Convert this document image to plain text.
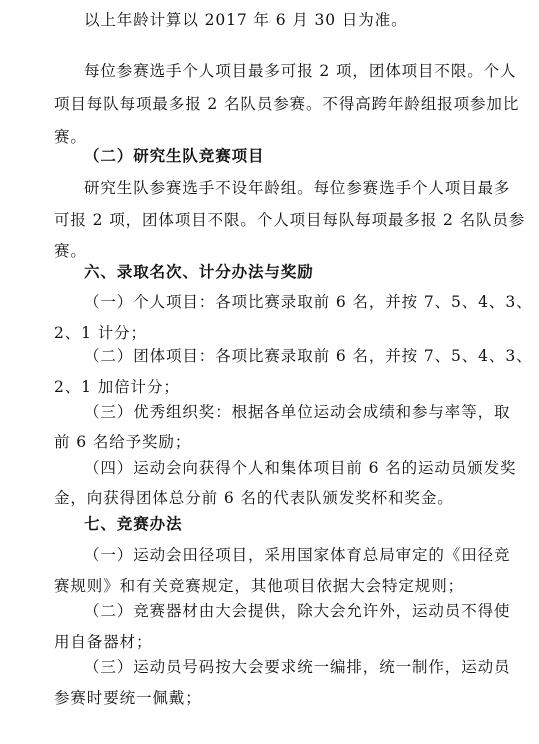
以上年龄计算以 2017 年 6 月 30 日为准。
每位参赛选手个人项目最多可报 2 项，团体项目不限。个人
项目每队每项最多报 2 名队员参赛。不得高跨年龄组报项参加比
赛。
（二）研究生队竞赛项目
研究生队参赛选手不设年龄组。每位参赛选手个人项目最多
可报 2 项，团体项目不限。个人项目每队每项最多报 2 名队员参
赛。
六、录取名次、计分办法与奖励
（一）个人项目：各项比赛录取前 6 名，并按 7、5、4、3、
2、1 计分；
（二）团体项目：各项比赛录取前 6 名，并按 7、5、4、3、
2、1 加倍计分；
（三）优秀组织奖：根据各单位运动会成绩和参与率等，取
前 6 名给予奖励；
（四）运动会向获得个人和集体项目前 6 名的运动员颁发奖
金，向获得团体总分前 6 名的代表队颁发奖杯和奖金。
七、竞赛办法
（一）运动会田径项目，采用国家体育总局审定的《田径竞
赛规则》和有关竞赛规定，其他项目依据大会特定规则；
（二）竞赛器材由大会提供，除大会允许外，运动员不得使
用自备器材；
（三）运动员号码按大会要求统一编排，统一制作，运动员
参赛时要统一佩戴；
